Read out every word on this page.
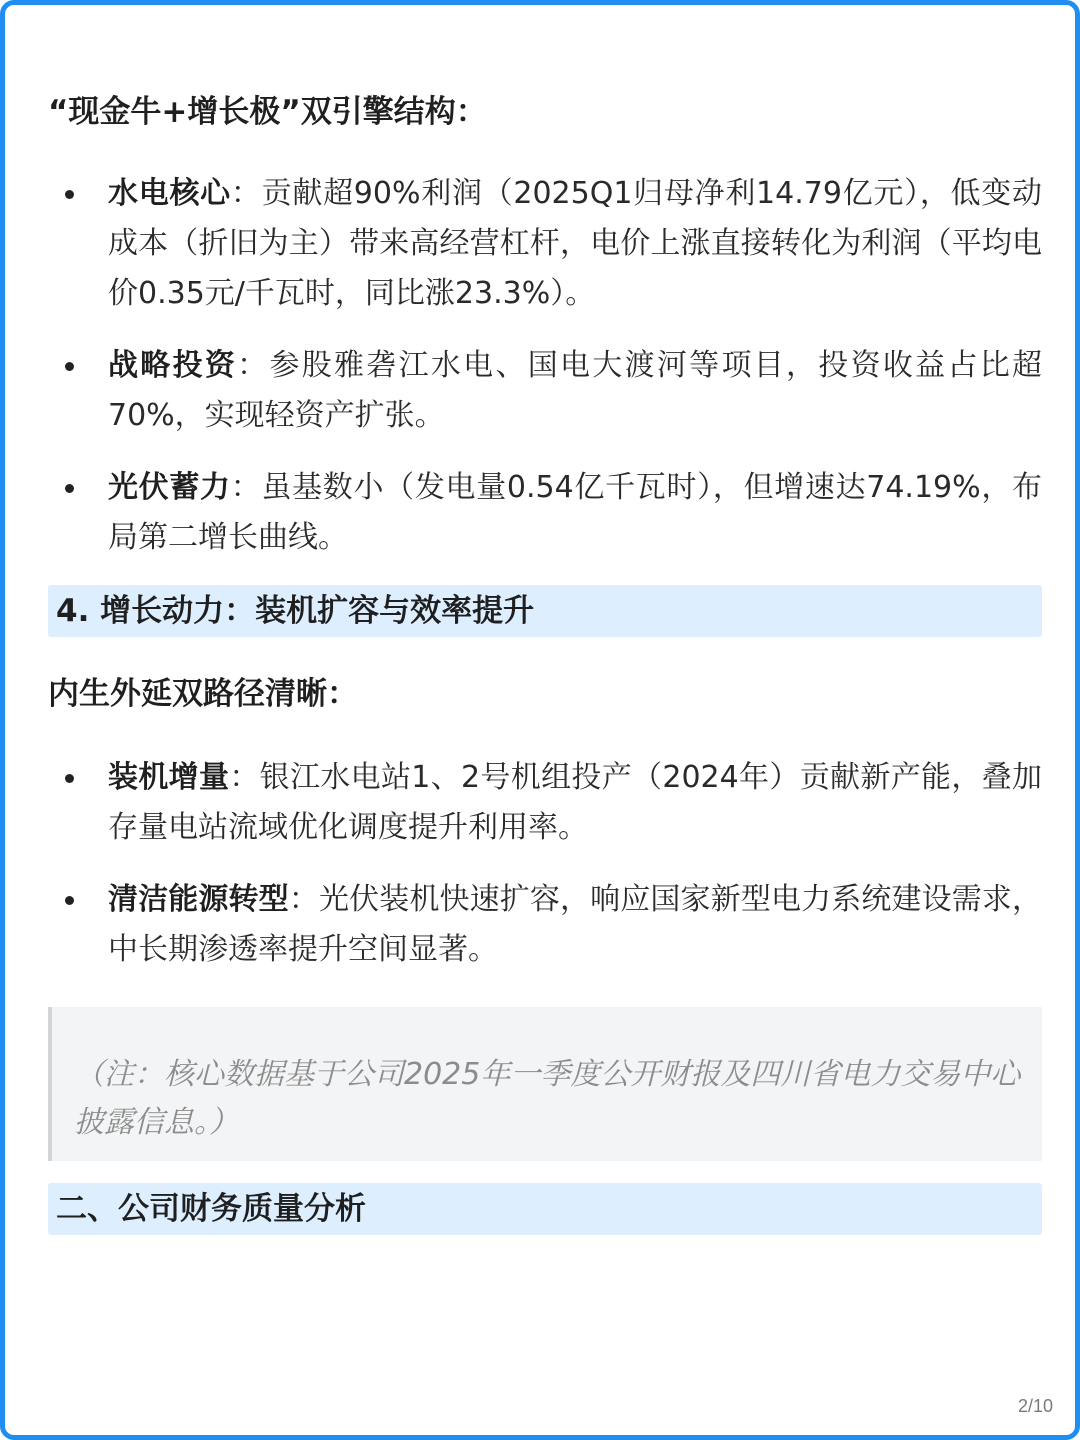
“现金牛+增长极”双引擎结构：

水电核心：贡献超90%利润（2025Q1归母净利14.79亿元），低变动成本（折旧为主）带来高经营杠杆，电价上涨直接转化为利润（平均电价0.35元/千瓦时，同比涨23.3%）。
战略投资：参股雅砻江水电、国电大渡河等项目，投资收益占比超70%，实现轻资产扩张。
光伏蓄力：虽基数小（发电量0.54亿千瓦时），但增速达74.19%，布局第二增长曲线。
4. 增长动力：装机扩容与效率提升

内生外延双路径清晰：

装机增量：银江水电站1、2号机组投产（2024年）贡献新产能，叠加存量电站流域优化调度提升利用率。
清洁能源转型：光伏装机快速扩容，响应国家新型电力系统建设需求，中长期渗透率提升空间显著。

（注：核心数据基于公司2025年一季度公开财报及四川省电力交易中心披露信息。）

二、公司财务质量分析
2/10
